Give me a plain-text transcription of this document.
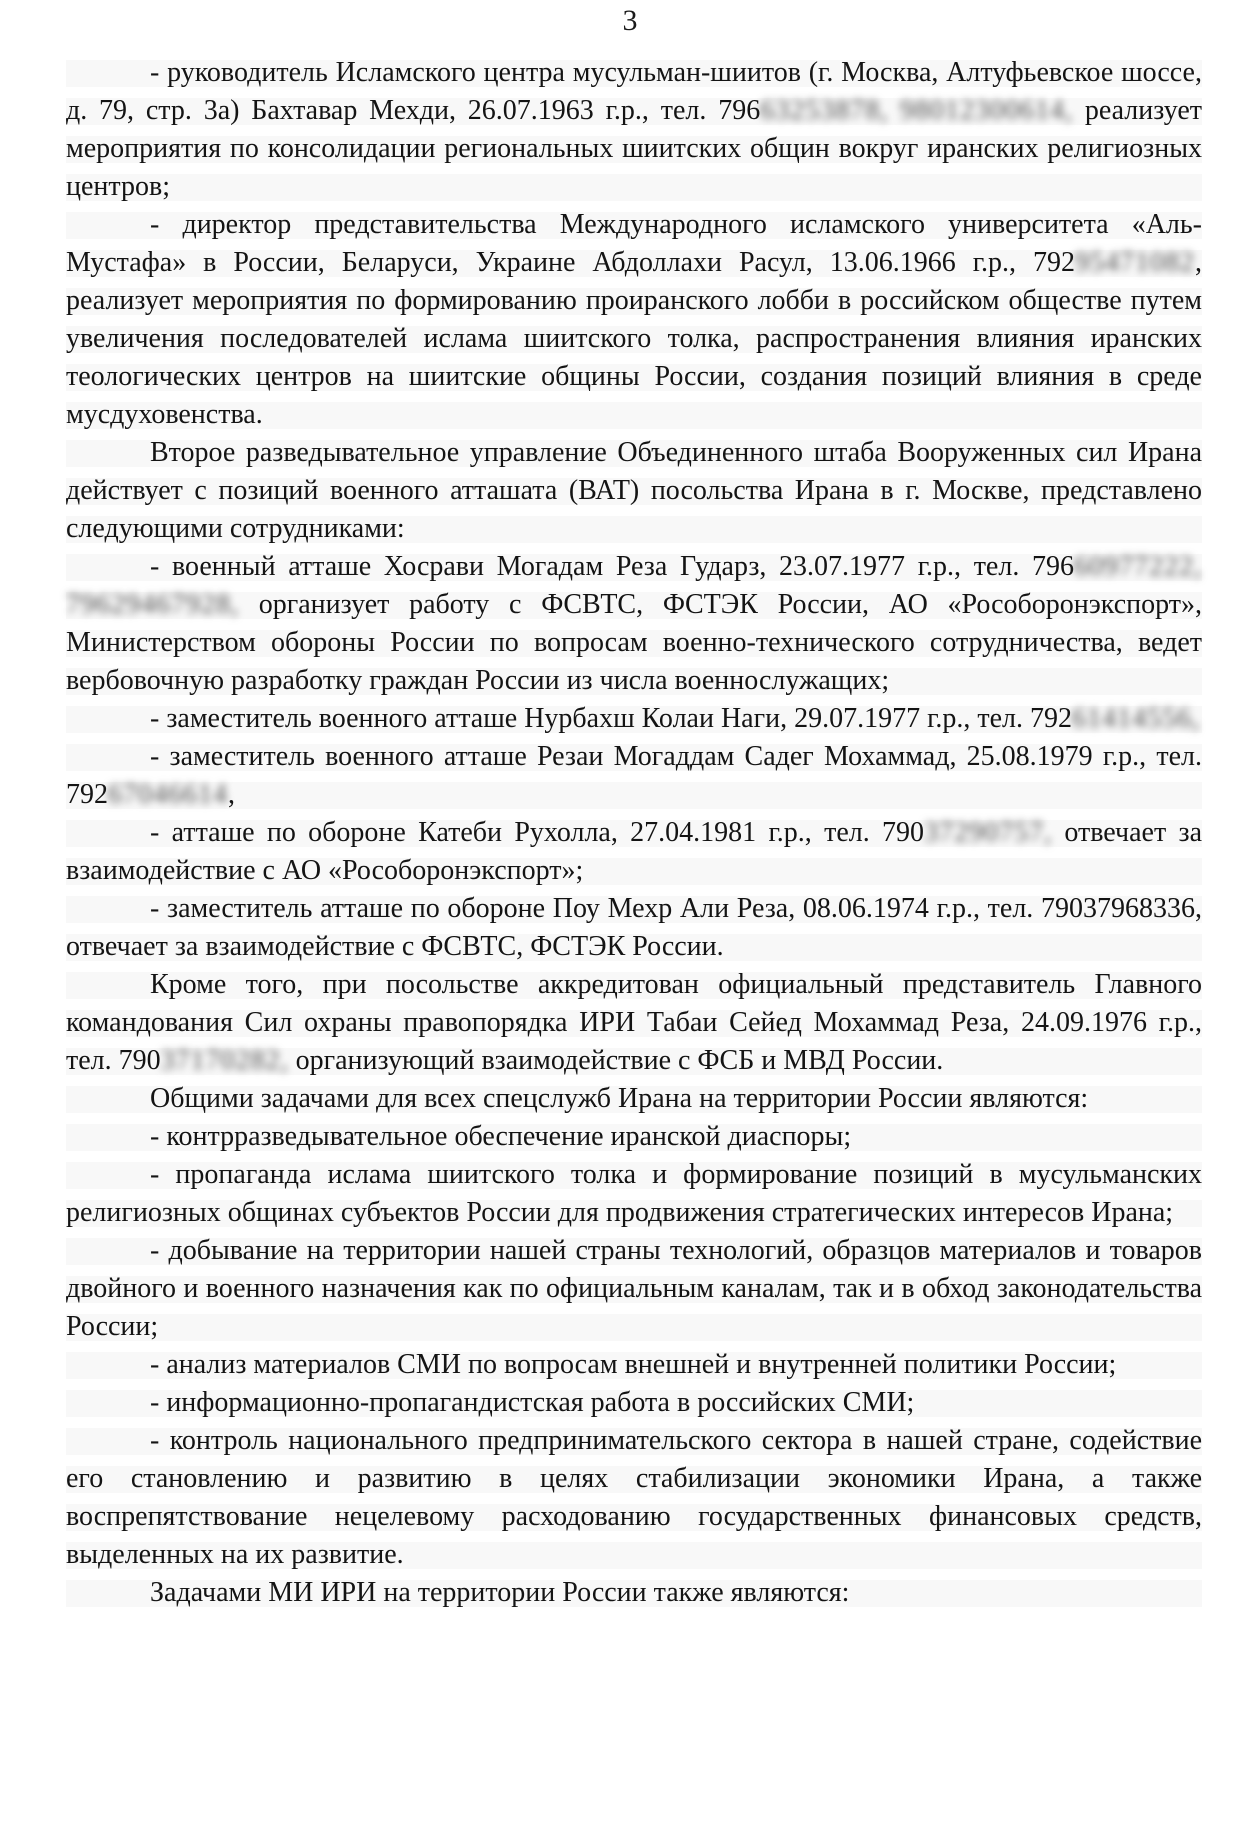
3

- руководитель Исламского центра мусульман-шиитов (г. Москва, Алтуфьевское шоссе, д. 79, стр. 3а) Бахтавар Мехди, 26.07.1963 г.р., тел. 79663253878, 98012300614, реализует мероприятия по консолидации региональных шиитских общин вокруг иранских религиозных центров;

- директор представительства Международного исламского университета «Аль-Мустафа» в России, Беларуси, Украине Абдоллахи Расул, 13.06.1966 г.р., 79295471082, реализует мероприятия по формированию проиранского лобби в российском обществе путем увеличения последователей ислама шиитского толка, распространения влияния иранских теологических центров на шиитские общины России, создания позиций влияния в среде мусдуховенства.

Второе разведывательное управление Объединенного штаба Вооруженных сил Ирана действует с позиций военного атташата (ВАТ) посольства Ирана в г. Москве, представлено следующими сотрудниками:

- военный атташе Хосрави Могадам Реза Гударз, 23.07.1977 г.р., тел. 79660977222, 79629467928, организует работу с ФСВТС, ФСТЭК России, АО «Рособоронэкспорт», Министерством обороны России по вопросам военно-технического сотрудничества, ведет вербовочную разработку граждан России из числа военнослужащих;

- заместитель военного атташе Нурбахш Колаи Наги, 29.07.1977 г.р., тел. 79261414556,

- заместитель военного атташе Резаи Могаддам Садег Мохаммад, 25.08.1979 г.р., тел. 79267046614,

- атташе по обороне Катеби Рухолла, 27.04.1981 г.р., тел. 79037290757, отвечает за взаимодействие с АО «Рособоронэкспорт»;

- заместитель атташе по обороне Поу Мехр Али Реза, 08.06.1974 г.р., тел. 79037968336, отвечает за взаимодействие с ФСВТС, ФСТЭК России.

Кроме того, при посольстве аккредитован официальный представитель Главного командования Сил охраны правопорядка ИРИ Табаи Сейед Мохаммад Реза, 24.09.1976 г.р., тел. 79037170282, организующий взаимодействие с ФСБ и МВД России.

Общими задачами для всех спецслужб Ирана на территории России являются:

- контрразведывательное обеспечение иранской диаспоры;

- пропаганда ислама шиитского толка и формирование позиций в мусульманских религиозных общинах субъектов России для продвижения стратегических интересов Ирана;

- добывание на территории нашей страны технологий, образцов материалов и товаров двойного и военного назначения как по официальным каналам, так и в обход законодательства России;

- анализ материалов СМИ по вопросам внешней и внутренней политики России;

- информационно-пропагандистская работа в российских СМИ;

- контроль национального предпринимательского сектора в нашей стране, содействие его становлению и развитию в целях стабилизации экономики Ирана, а также воспрепятствование нецелевому расходованию государственных финансовых средств, выделенных на их развитие.

Задачами МИ ИРИ на территории России также являются:
